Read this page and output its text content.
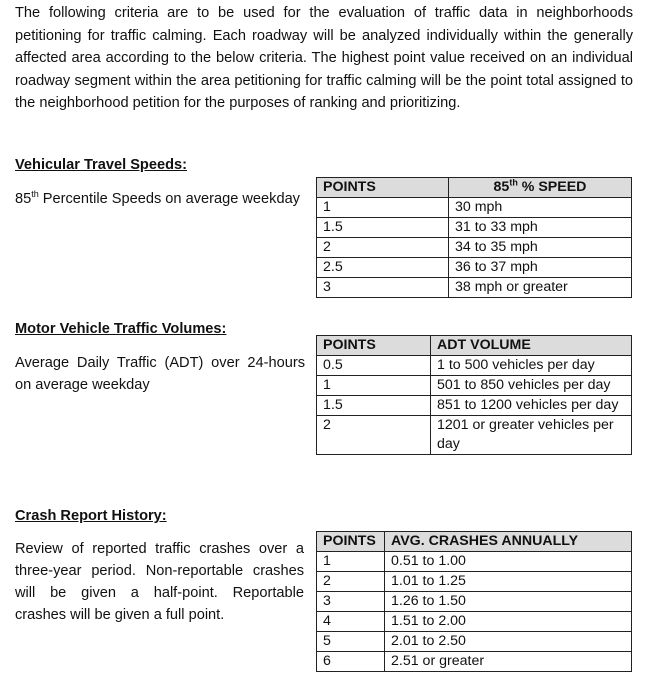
The following criteria are to be used for the evaluation of traffic data in neighborhoods petitioning for traffic calming. Each roadway will be analyzed individually within the generally affected area according to the below criteria. The highest point value received on an individual roadway segment within the area petitioning for traffic calming will be the point total assigned to the neighborhood petition for the purposes of ranking and prioritizing.

Vehicular Travel Speeds:

85th Percentile Speeds on average weekday

POINTS	85th % SPEED
1	30 mph
1.5	31 to 33 mph
2	34 to 35 mph
2.5	36 to 37 mph
3	38 mph or greater

Motor Vehicle Traffic Volumes:

Average Daily Traffic (ADT) over 24-hours on average weekday

POINTS	ADT VOLUME
0.5	1 to 500 vehicles per day
1	501 to 850 vehicles per day
1.5	851 to 1200 vehicles per day
2	1201 or greater vehicles per day

Crash Report History:

Review of reported traffic crashes over a three-year period. Non-reportable crashes will be given a half-point. Reportable crashes will be given a full point.

POINTS	AVG. CRASHES ANNUALLY
1	0.51 to 1.00
2	1.01 to 1.25
3	1.26 to 1.50
4	1.51 to 2.00
5	2.01 to 2.50
6	2.51 or greater
